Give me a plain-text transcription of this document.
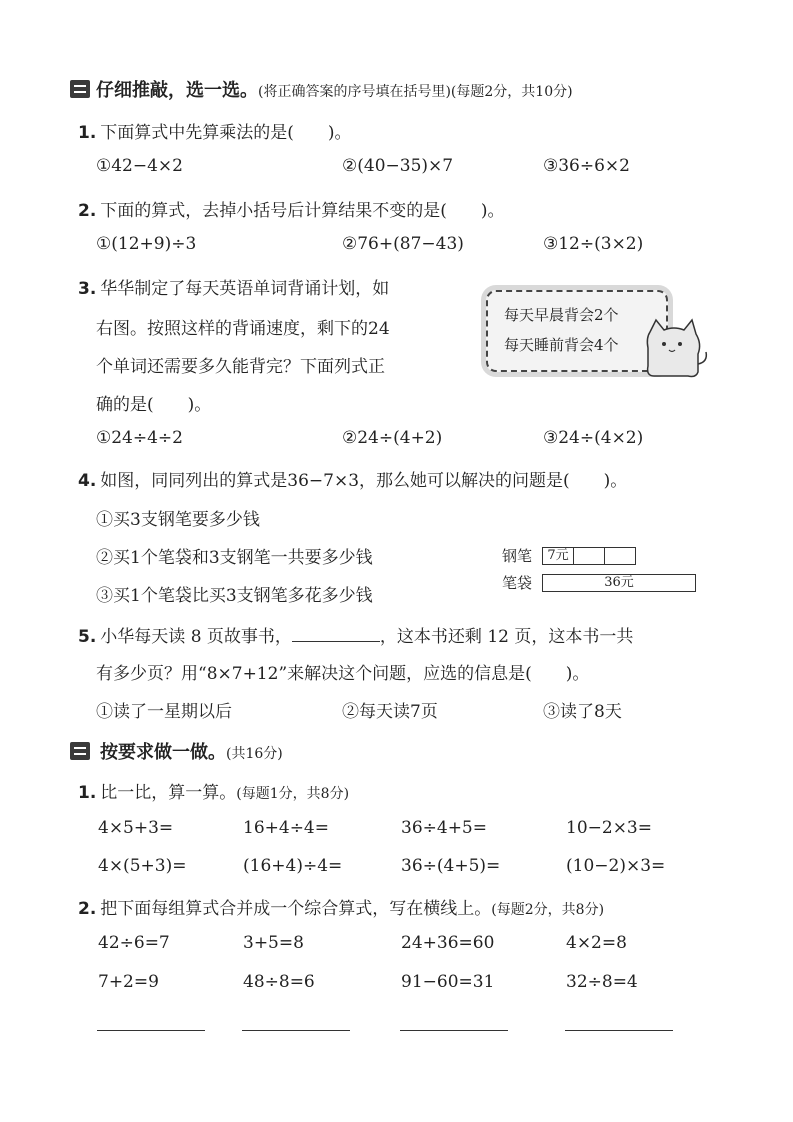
仔细推敲，选一选。(将正确答案的序号填在括号里)(每题2分，共10分)
1. 下面算式中先算乘法的是(　　)。
①42−4×2	②(40−35)×7	③36÷6×2
2. 下面的算式，去掉小括号后计算结果不变的是(　　)。
①(12+9)÷3	②76+(87−43)	③12÷(3×2)
3. 华华制定了每天英语单词背诵计划，如
右图。按照这样的背诵速度，剩下的24
个单词还需要多久能背完？下面列式正
确的是(　　)。
每天早晨背会2个
每天睡前背会4个
①24÷4÷2	②24÷(4+2)	③24÷(4×2)
4. 如图，同同列出的算式是36−7×3，那么她可以解决的问题是(　　)。
①买3支钢笔要多少钱
②买1个笔袋和3支钢笔一共要多少钱
③买1个笔袋比买3支钢笔多花多少钱
钢笔	7元
笔袋	36元
5. 小华每天读 8 页故事书，	，这本书还剩 12 页，这本书一共
有多少页？用“8×7+12”来解决这个问题，应选的信息是(　　)。
①读了一星期以后	②每天读7页	③读了8天
按要求做一做。(共16分)
1. 比一比，算一算。(每题1分，共8分)
4×5+3=	16+4÷4=	36÷4+5=	10−2×3=
4×(5+3)=	(16+4)÷4=	36÷(4+5)=	(10−2)×3=
2. 把下面每组算式合并成一个综合算式，写在横线上。(每题2分，共8分)
42÷6=7	3+5=8	24+36=60	4×2=8
7+2=9	48÷8=6	91−60=31	32÷8=4
